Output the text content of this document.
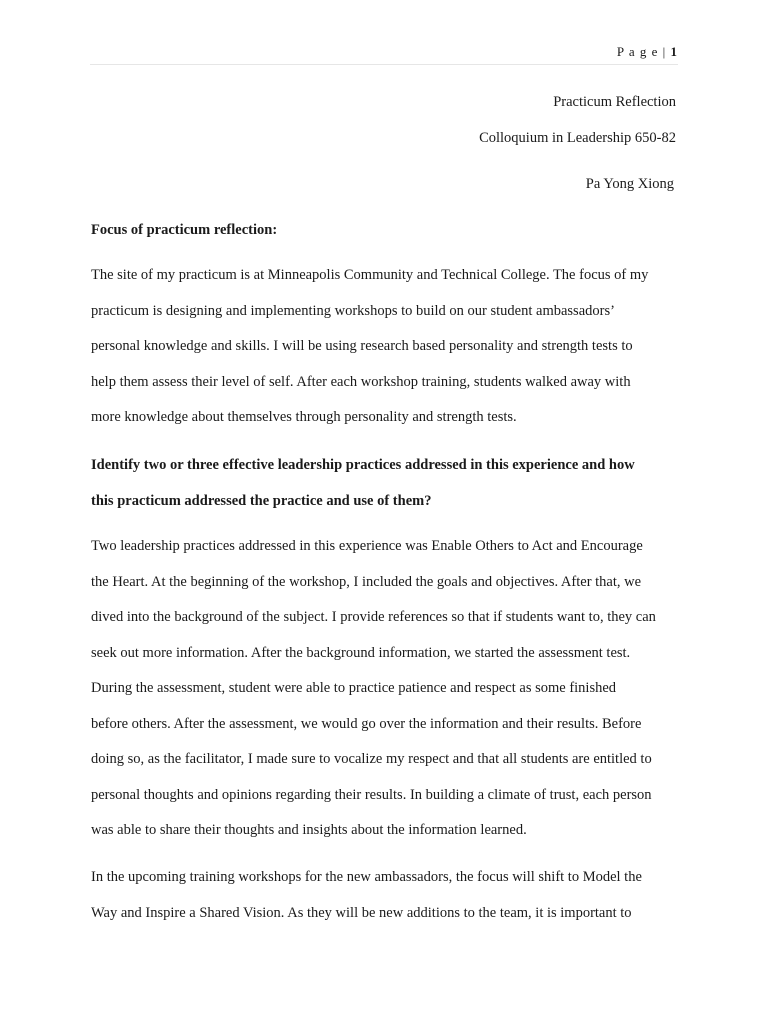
P a g e | 1
Practicum Reflection
Colloquium in Leadership 650-82
Pa Yong Xiong
Focus of practicum reflection:
The site of my practicum is at Minneapolis Community and Technical College. The focus of my
practicum is designing and implementing workshops to build on our student ambassadors’
personal knowledge and skills. I will be using research based personality and strength tests to
help them assess their level of self. After each workshop training, students walked away with
more knowledge about themselves through personality and strength tests.
Identify two or three effective leadership practices addressed in this experience and how
this practicum addressed the practice and use of them?
Two leadership practices addressed in this experience was Enable Others to Act and Encourage
the Heart. At the beginning of the workshop, I included the goals and objectives. After that, we
dived into the background of the subject. I provide references so that if students want to, they can
seek out more information. After the background information, we started the assessment test.
During the assessment, student were able to practice patience and respect as some finished
before others. After the assessment, we would go over the information and their results. Before
doing so, as the facilitator, I made sure to vocalize my respect and that all students are entitled to
personal thoughts and opinions regarding their results. In building a climate of trust, each person
was able to share their thoughts and insights about the information learned.
In the upcoming training workshops for the new ambassadors, the focus will shift to Model the
Way and Inspire a Shared Vision. As they will be new additions to the team, it is important to
